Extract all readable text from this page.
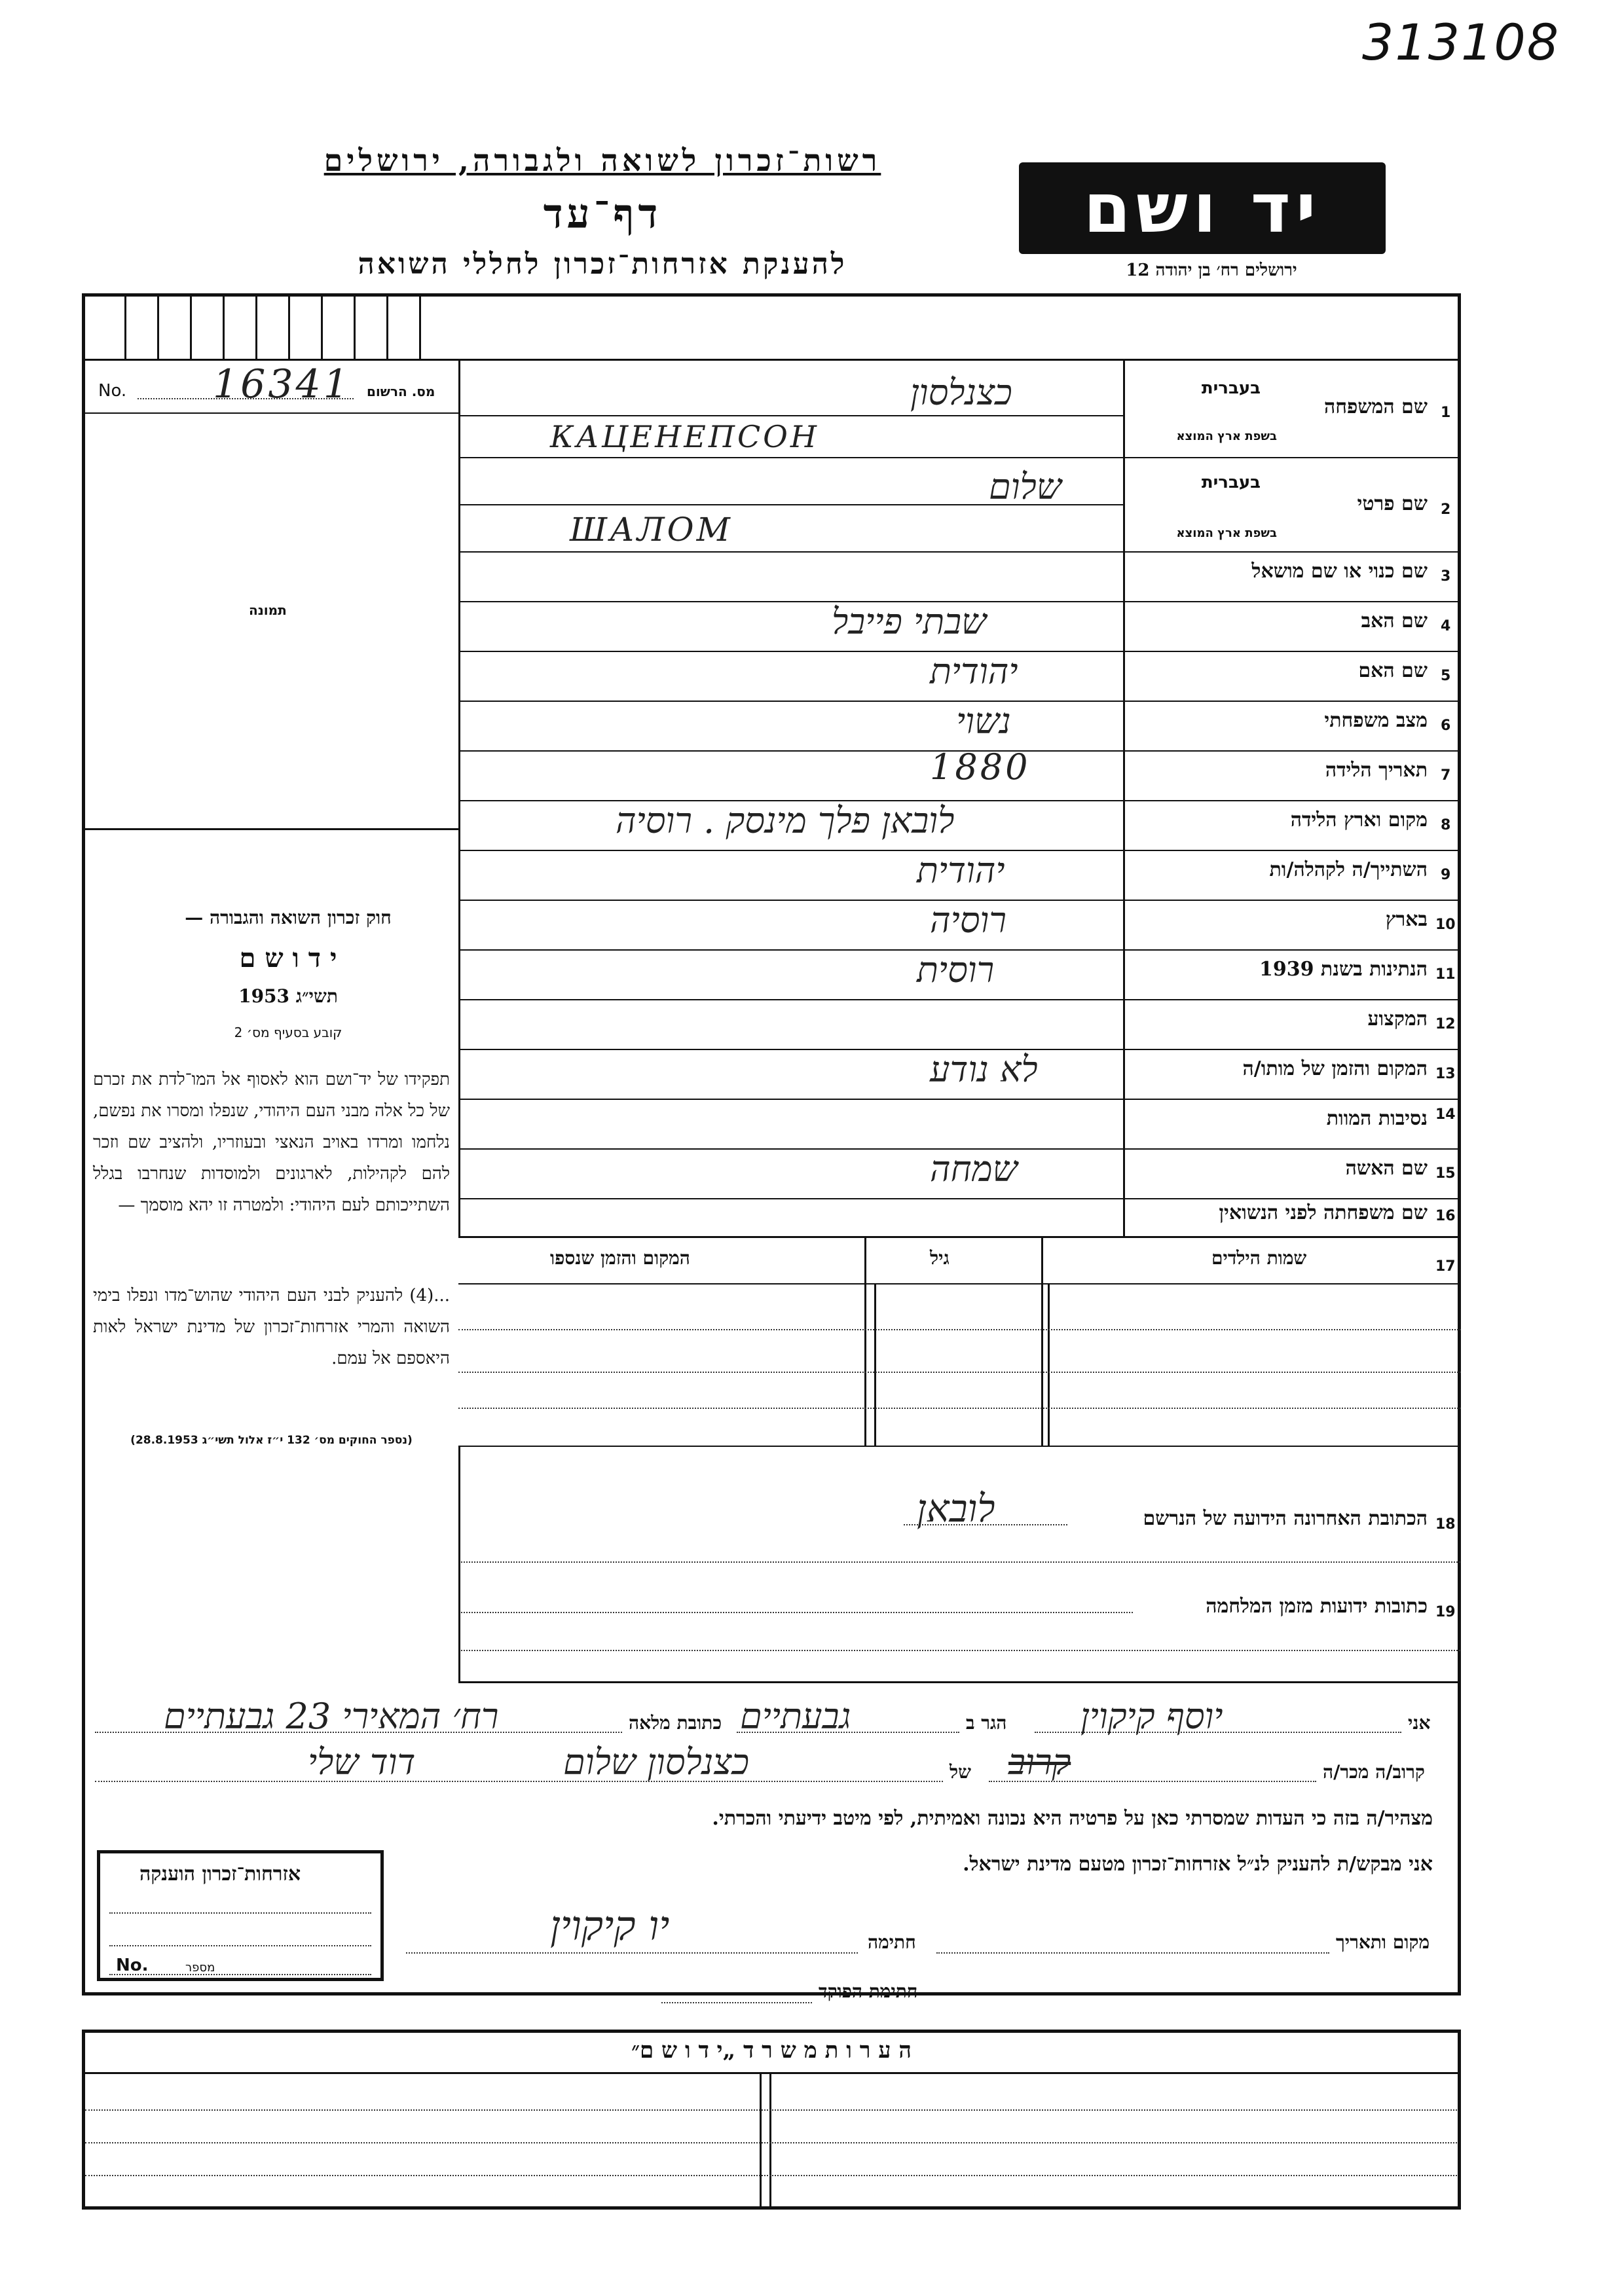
313108
רשות־זכרון לשואה ולגבורה, ירושלים
דף־עד
להענקת אזרחות־זכרון לחללי השואה
יד ושם
ירושלים רח׳ בן יהודה 12
No. 16341 מס. הרשום
תמונה
חוק זכרון השואה והגבורה —
י ד ו ש ם
תשי״ג 1953
קובע בסעיף מס׳ 2
תפקידו של יד־ושם הוא לאסוף אל המו־לדת את זכרם של כל אלה מבני העם היהודי, שנפלו ומסרו את נפשם, נלחמו ומרדו באויב הנאצי ובעוזריו, ולהציב שם וזכר להם לקהילות, לארגונים ולמוסדות שנחרבו בגלל השתייכותם לעם היהודי: ולמטרה זו יהא מוסמך —
...(4) להעניק לבני העם היהודי שהוש־מדו ונפלו בימי השואה והמרי אזרחות־זכרון של מדינת ישראל לאות היאספם אל עמם.
(נספר החוקים מס׳ 132 י״ז אלול תשי״ג 28.8.1953)
1
שם המשפחה
בעברית
בשפת ארץ המוצא
כצנלסון
КАЦЕНЕПСОН
2
שם פרטי
בעברית
בשפת ארץ המוצא
שלום
ШАЛОМ
3
שם כנוי או שם מושאל
4
שם האב
שבתי פייבל
5
שם האם
יהודית
6
מצב משפחתי
נשוי
7
תאריך הלידה
1880
8
מקום וארץ הלידה
לובאן פלך מינסק . רוסיה
9
השתייך/ה לקהלה/ות
יהודית
10
בארץ
רוסיה
11
הנתינות בשנת 1939
רוסית
12
המקצוע
13
המקום והזמן של מותו/ה
לא נודע
14
נסיבות המוות
15
שם האשה
שמחה
16
שם משפחתה לפני הנשואין
17
שמות הילדים
גיל
המקום והזמן שנספו
18
הכתובת האחרונה הידועה של הנרשם
לובאן
19
כתובות ידועות מזמן המלחמה
אני
יוסף קיקוין
הגר ב
גבעתיים
כתובת מלאה
רח׳ המאירי 23 גבעתיים
קרוב/ה מכר/ה
קרוב
של
כצנלסון שלום
דוד שלי
מצהיר/ה בזה כי העדות שמסרתי כאן על פרטיה היא נכונה ואמיתית, לפי מיטב ידיעתי והכרתי.
אני מבקש/ת להעניק לנ״ל אזרחות־זכרון מטעם מדינת ישראל.
אזרחות־זכרון הוענקה
מספר
No.
מקום ותאריך
חתימה
יו קיקוין
חתימת הפוקד
ה ע ר ו ת מ ש ר ד „י ד ו ש ם״
